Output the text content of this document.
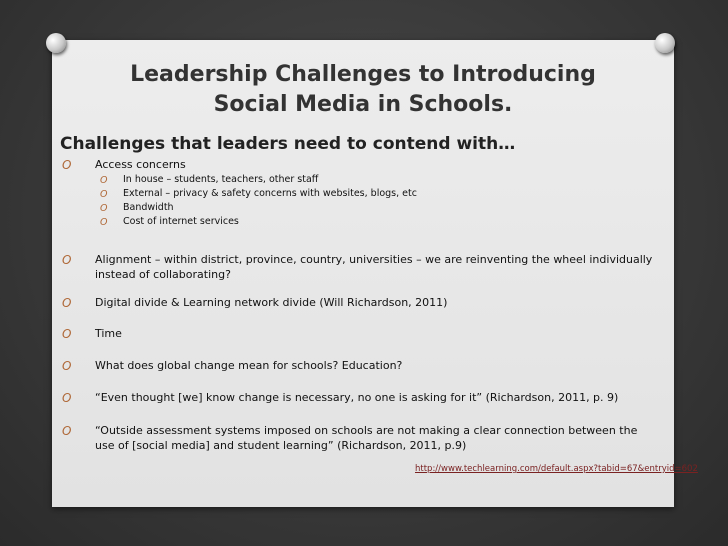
Leadership Challenges to Introducing
Social Media in Schools.
Challenges that leaders need to contend with…
O Access concerns
O In house – students, teachers, other staff
O External – privacy & safety concerns with websites, blogs, etc
O Bandwidth
O Cost of internet services
O Alignment – within district, province, country, universities – we are reinventing the wheel individually instead of collaborating?
O Digital divide & Learning network divide (Will Richardson, 2011)
O Time
O What does global change mean for schools? Education?
O “Even thought [we] know change is necessary, no one is asking for it” (Richardson, 2011, p. 9)
O “Outside assessment systems imposed on schools are not making a clear connection between the use of [social media] and student learning” (Richardson, 2011, p.9)
http://www.techlearning.com/default.aspx?tabid=67&entryid=602
